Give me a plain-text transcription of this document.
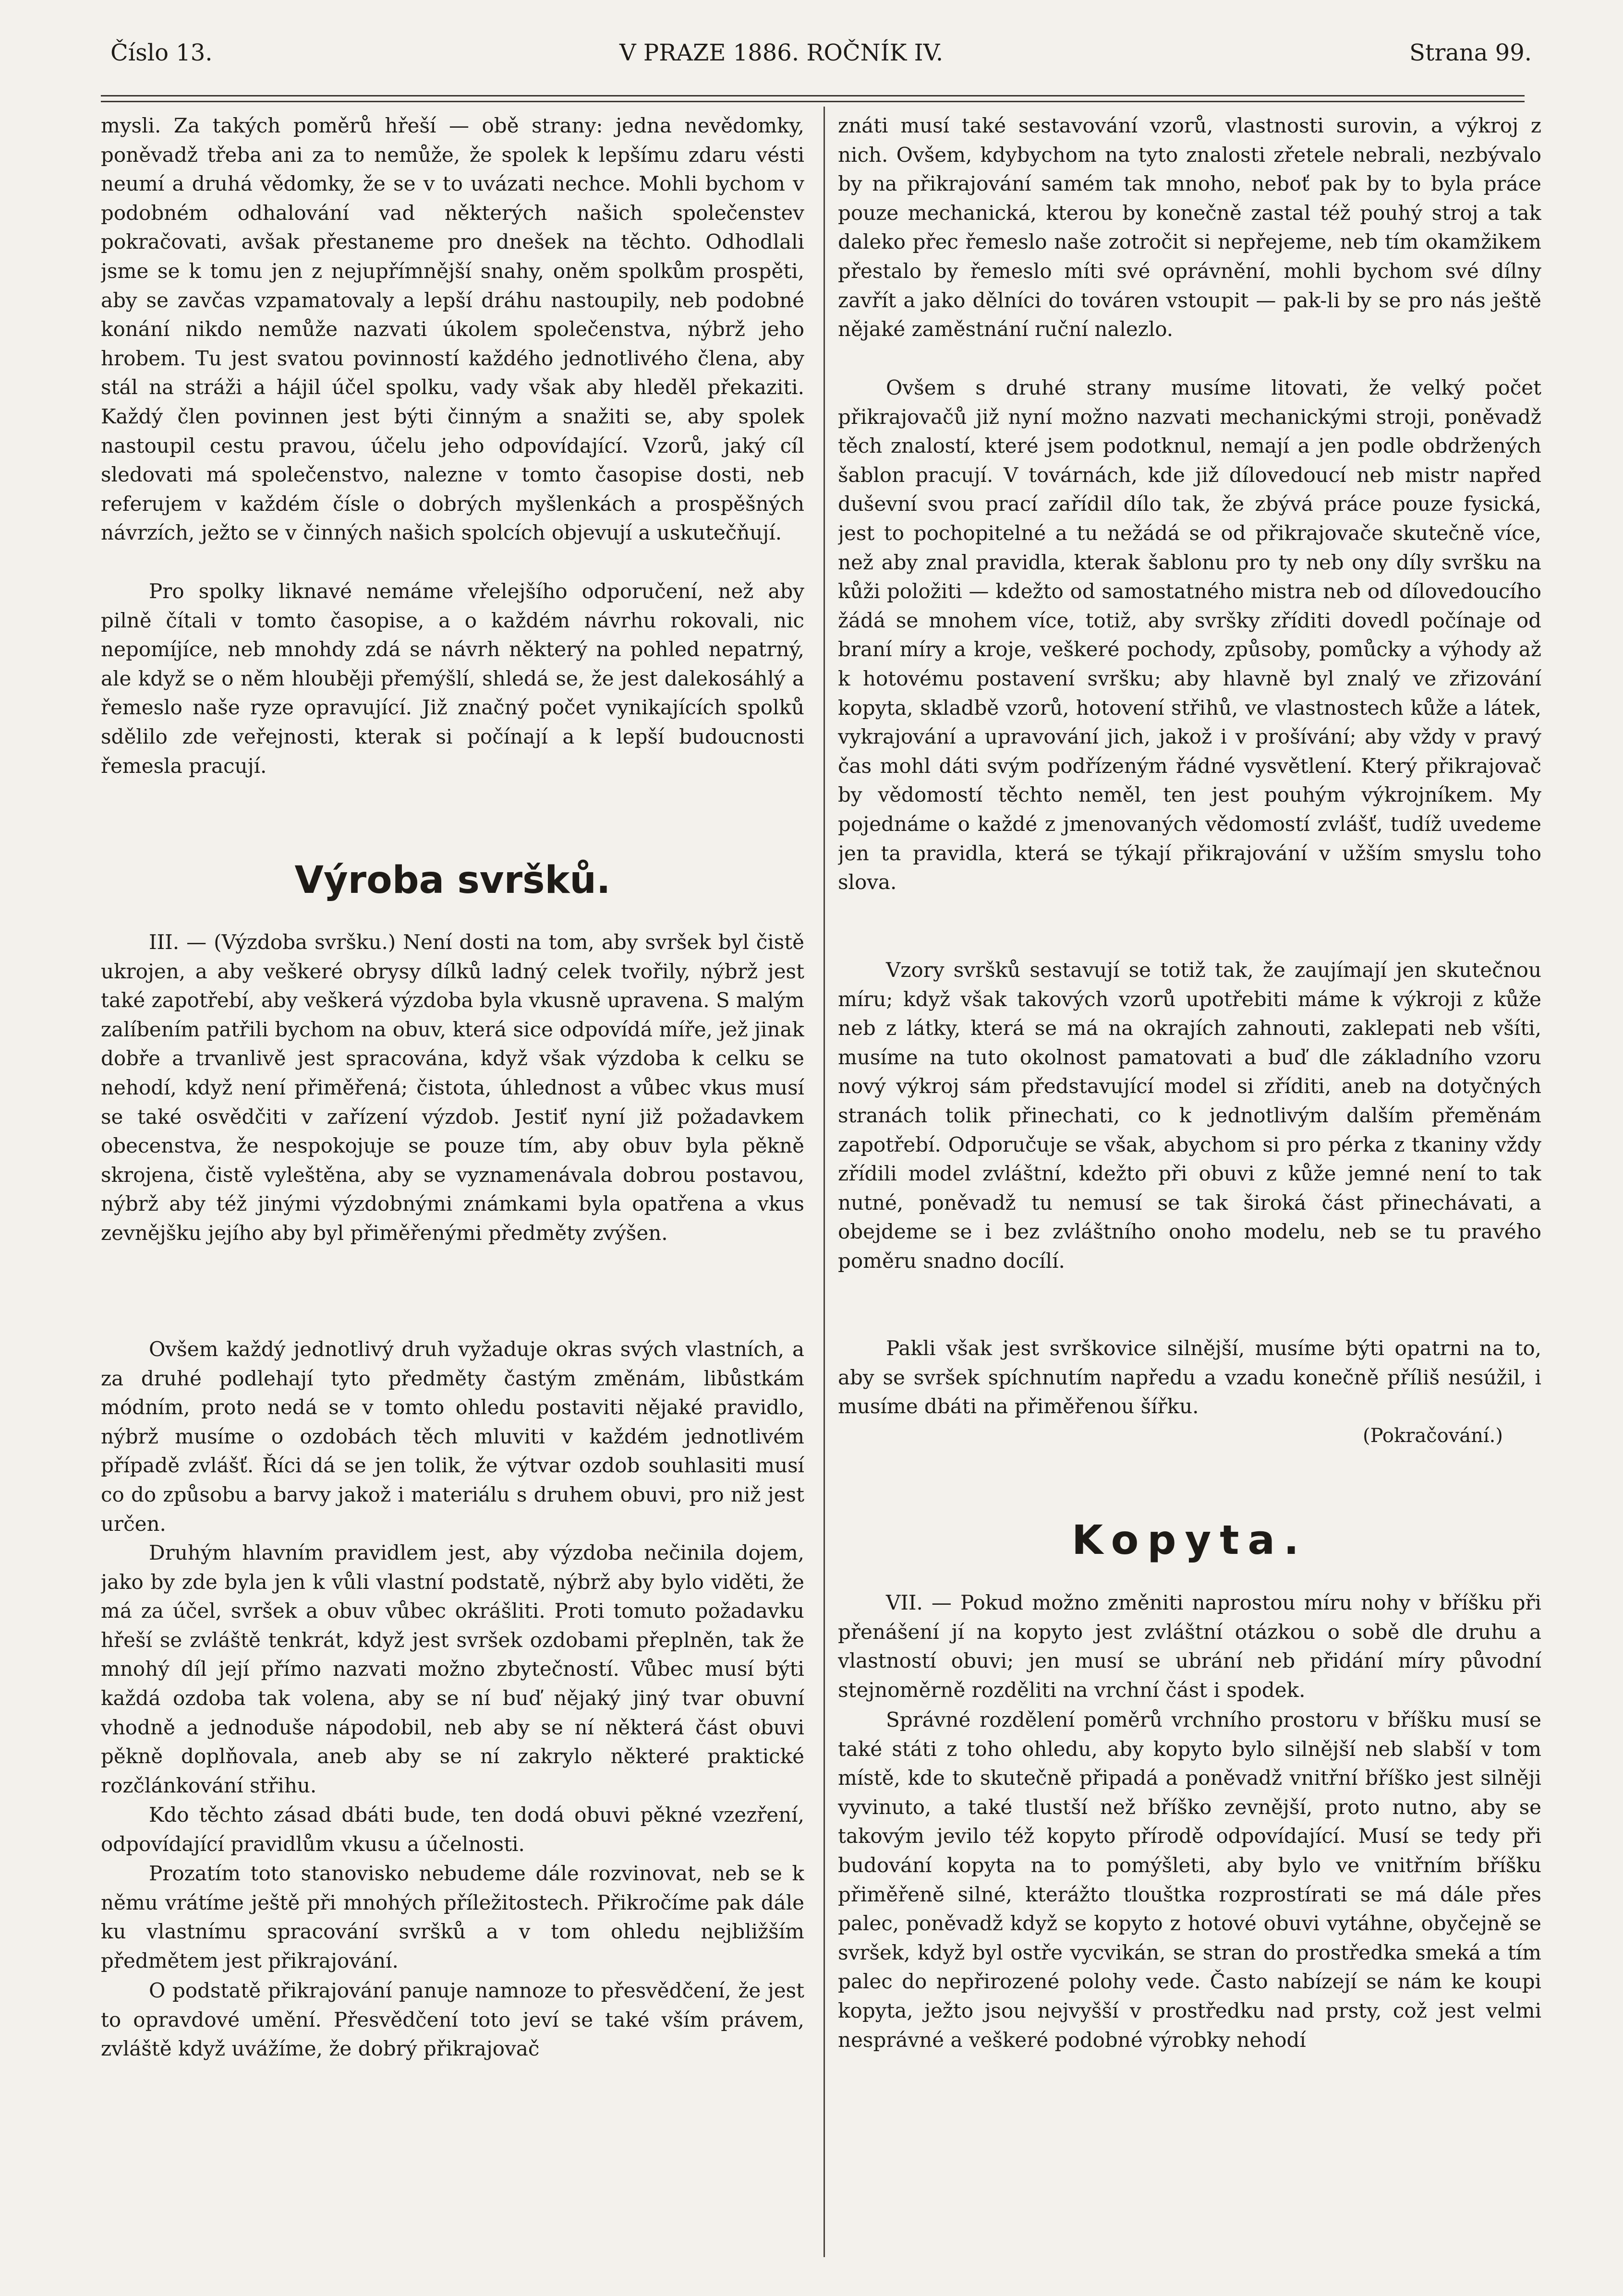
Číslo 13.	V PRAZE 1886. ROČNÍK IV.	Strana 99.

mysli. Za takých poměrů hřeší — obě strany: jedna nevědomky, poněvadž třeba ani za to nemůže, že spolek k lepšímu zdaru vésti neumí a druhá vědomky, že se v to uvázati nechce. Mohli bychom v podobném odhalování vad některých našich společenstev pokračovati, avšak přestaneme pro dnešek na těchto. Odhodlali jsme se k tomu jen z nejupřímnější snahy, oněm spolkům prospěti, aby se zavčas vzpamatovaly a lepší dráhu nastoupily, neb podobné konání nikdo nemůže nazvati úkolem společenstva, nýbrž jeho hrobem. Tu jest svatou povinností každého jednotlivého člena, aby stál na stráži a hájil účel spolku, vady však aby hleděl překaziti. Každý člen povinnen jest býti činným a snažiti se, aby spolek nastoupil cestu pravou, účelu jeho odpovídající. Vzorů, jaký cíl sledovati má společenstvo, nalezne v tomto časopise dosti, neb referujem v každém čísle o dobrých myšlenkách a prospěšných návrzích, ježto se v činných našich spolcích objevují a uskutečňují.

Pro spolky liknavé nemáme vřelejšího odporučení, než aby pilně čítali v tomto časopise, a o každém návrhu rokovali, nic nepomíjíce, neb mnohdy zdá se návrh některý na pohled nepatrný, ale když se o něm hlouběji přemýšlí, shledá se, že jest dalekosáhlý a řemeslo naše ryze opravující. Již značný počet vynikajících spolků sdělilo zde veřejnosti, kterak si počínají a k lepší budoucnosti řemesla pracují.

Výroba svršků.

III. — (Výzdoba svršku.) Není dosti na tom, aby svršek byl čistě ukrojen, a aby veškeré obrysy dílků ladný celek tvořily, nýbrž jest také zapotřebí, aby veškerá výzdoba byla vkusně upravena. S malým zalíbením patřili bychom na obuv, která sice odpovídá míře, jež jinak dobře a trvanlivě jest spracována, když však výzdoba k celku se nehodí, když není přiměřená; čistota, úhlednost a vůbec vkus musí se také osvědčiti v zařízení výzdob. Jestiť nyní již požadavkem obecenstva, že nespokojuje se pouze tím, aby obuv byla pěkně skrojena, čistě vyleštěna, aby se vyznamenávala dobrou postavou, nýbrž aby též jinými výzdobnými známkami byla opatřena a vkus zevnějšku jejího aby byl přiměřenými předměty zvýšen.

Ovšem každý jednotlivý druh vyžaduje okras svých vlastních, a za druhé podlehají tyto předměty častým změnám, libůstkám módním, proto nedá se v tomto ohledu postaviti nějaké pravidlo, nýbrž musíme o ozdobách těch mluviti v každém jednotlivém případě zvlášť. Říci dá se jen tolik, že výtvar ozdob souhlasiti musí co do způsobu a barvy jakož i materiálu s druhem obuvi, pro niž jest určen.

Druhým hlavním pravidlem jest, aby výzdoba nečinila dojem, jako by zde byla jen k vůli vlastní podstatě, nýbrž aby bylo viděti, že má za účel, svršek a obuv vůbec okrášliti. Proti tomuto požadavku hřeší se zvláště tenkrát, když jest svršek ozdobami přeplněn, tak že mnohý díl její přímo nazvati možno zbytečností. Vůbec musí býti každá ozdoba tak volena, aby se ní buď nějaký jiný tvar obuvní vhodně a jednoduše nápodobil, neb aby se ní některá část obuvi pěkně doplňovala, aneb aby se ní zakrylo některé praktické rozčlánkování střihu.

Kdo těchto zásad dbáti bude, ten dodá obuvi pěkné vzezření, odpovídající pravidlům vkusu a účelnosti.

Prozatím toto stanovisko nebudeme dále rozvinovat, neb se k němu vrátíme ještě při mnohých příležitostech. Přikročíme pak dále ku vlastnímu spracování svršků a v tom ohledu nejbližším předmětem jest přikrajování.

O podstatě přikrajování panuje namnoze to přesvědčení, že jest to opravdové umění. Přesvědčení toto jeví se také vším právem, zvláště když uvážíme, že dobrý přikrajovač

znáti musí také sestavování vzorů, vlastnosti surovin, a výkroj z nich. Ovšem, kdybychom na tyto znalosti zřetele nebrali, nezbývalo by na přikrajování samém tak mnoho, neboť pak by to byla práce pouze mechanická, kterou by konečně zastal též pouhý stroj a tak daleko přec řemeslo naše zotročit si nepřejeme, neb tím okamžikem přestalo by řemeslo míti své oprávnění, mohli bychom své dílny zavřít a jako dělníci do továren vstoupit — pak-li by se pro nás ještě nějaké zaměstnání ruční nalezlo.

Ovšem s druhé strany musíme litovati, že velký počet přikrajovačů již nyní možno nazvati mechanickými stroji, poněvadž těch znalostí, které jsem podotknul, nemají a jen podle obdržených šablon pracují. V továrnách, kde již dílovedoucí neb mistr napřed duševní svou prací zařídil dílo tak, že zbývá práce pouze fysická, jest to pochopitelné a tu nežádá se od přikrajovače skutečně více, než aby znal pravidla, kterak šablonu pro ty neb ony díly svršku na kůži položiti — kdežto od samostatného mistra neb od dílovedoucího žádá se mnohem více, totiž, aby svršky zříditi dovedl počínaje od braní míry a kroje, veškeré pochody, způsoby, pomůcky a výhody až k hotovému postavení svršku; aby hlavně byl znalý ve zřizování kopyta, skladbě vzorů, hotovení střihů, ve vlastnostech kůže a látek, vykrajování a upravování jich, jakož i v prošívání; aby vždy v pravý čas mohl dáti svým podřízeným řádné vysvětlení. Který přikrajovač by vědomostí těchto neměl, ten jest pouhým výkrojníkem. My pojednáme o každé z jmenovaných vědomostí zvlášť, tudíž uvedeme jen ta pravidla, která se týkají přikrajování v užším smyslu toho slova.

Vzory svršků sestavují se totiž tak, že zaujímají jen skutečnou míru; když však takových vzorů upotřebiti máme k výkroji z kůže neb z látky, která se má na okrajích zahnouti, zaklepati neb všíti, musíme na tuto okolnost pamatovati a buď dle základního vzoru nový výkroj sám představující model si zříditi, aneb na dotyčných stranách tolik přinechati, co k jednotlivým dalším přeměnám zapotřebí. Odporučuje se však, abychom si pro pérka z tkaniny vždy zřídili model zvláštní, kdežto při obuvi z kůže jemné není to tak nutné, poněvadž tu nemusí se tak široká část přinechávati, a obejdeme se i bez zvláštního onoho modelu, neb se tu pravého poměru snadno docílí.

Pakli však jest svrškovice silnější, musíme býti opatrni na to, aby se svršek spíchnutím napředu a vzadu konečně příliš nesúžil, i musíme dbáti na přiměřenou šířku.

(Pokračování.)

Kopyta.

VII. — Pokud možno změniti naprostou míru nohy v bříšku při přenášení jí na kopyto jest zvláštní otázkou o sobě dle druhu a vlastností obuvi; jen musí se ubrání neb přidání míry původní stejnoměrně rozděliti na vrchní část i spodek.

Správné rozdělení poměrů vrchního prostoru v bříšku musí se také státi z toho ohledu, aby kopyto bylo silnější neb slabší v tom místě, kde to skutečně připadá a poněvadž vnitřní bříško jest silněji vyvinuto, a také tlustší než bříško zevnější, proto nutno, aby se takovým jevilo též kopyto přírodě odpovídající. Musí se tedy při budování kopyta na to pomýšleti, aby bylo ve vnitřním bříšku přiměřeně silné, kterážto tlouštka rozprostírati se má dále přes palec, poněvadž když se kopyto z hotové obuvi vytáhne, obyčejně se svršek, když byl ostře vycvikán, se stran do prostředka smeká a tím palec do nepřirozené polohy vede. Často nabízejí se nám ke koupi kopyta, ježto jsou nejvyšší v prostředku nad prsty, což jest velmi nesprávné a veškeré podobné výrobky nehodí
